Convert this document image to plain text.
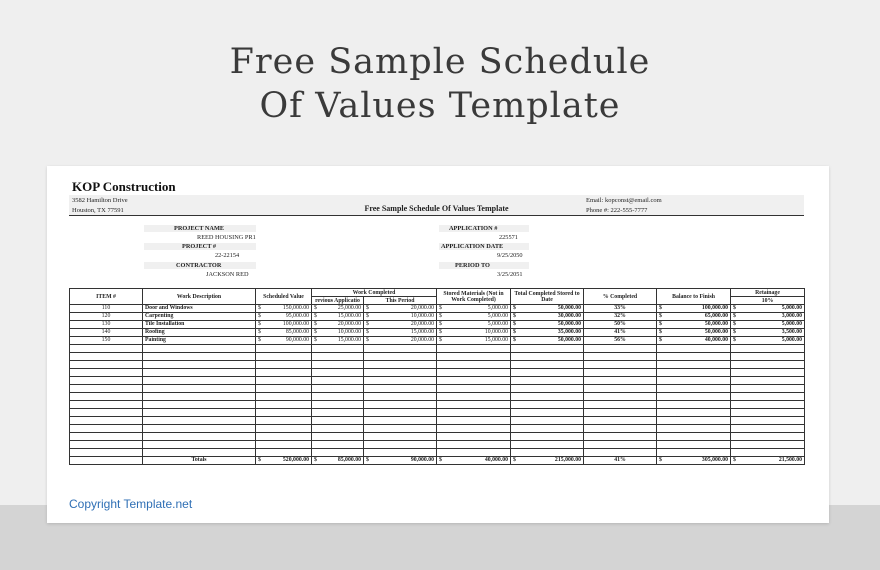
Free Sample Schedule
Of Values Template
KOP Construction
3582 Hamilton Drive
Houston, TX 77591	Free Sample Schedule Of Values Template
Email: kopconst@email.com
Phone #: 222-555-7777
PROJECT NAME
REED HOUSING PR1
PROJECT #
22-22154
CONTRACTOR
JACKSON RED
APPLICATION #
225571
APPLICATION DATE
9/25/2050
PERIOD TO
3/25/2051
ITEM #	Work Description	Scheduled Value	Work Completed		Stored Materials (Not in Work Completed)	Total Completed Stored to Date	% Completed	Balance to Finish	Retainage
			revious Applicatio	This Period					10%
110	Door and Windows	$ 150,000.00	$ 25,000.00	$ 20,000.00	$ 5,000.00	$ 50,000.00	33%	$ 100,000.00	$ 5,000.00

120	Carpenting	$ 95,000.00	$ 15,000.00	$ 10,000.00	$ 5,000.00	$ 30,000.00	32%	$ 65,000.00	$ 3,000.00

130	Tile Installation	$ 100,000.00	$ 20,000.00	$ 20,000.00	$ 5,000.00	$ 50,000.00	50%	$ 50,000.00	$ 5,000.00

140	Roofing	$ 85,000.00	$ 10,000.00	$ 15,000.00	$ 10,000.00	$ 35,000.00	41%	$ 50,000.00	$ 3,500.00

150	Painting	$ 90,000.00	$ 15,000.00	$ 20,000.00	$ 15,000.00	$ 50,000.00	56%	$ 40,000.00	$ 5,000.00

	Totals	$ 520,000.00	$ 85,000.00	$ 90,000.00	$ 40,000.00	$ 215,000.00	41%	$ 305,000.00	$ 21,500.00
Copyright Template.net
